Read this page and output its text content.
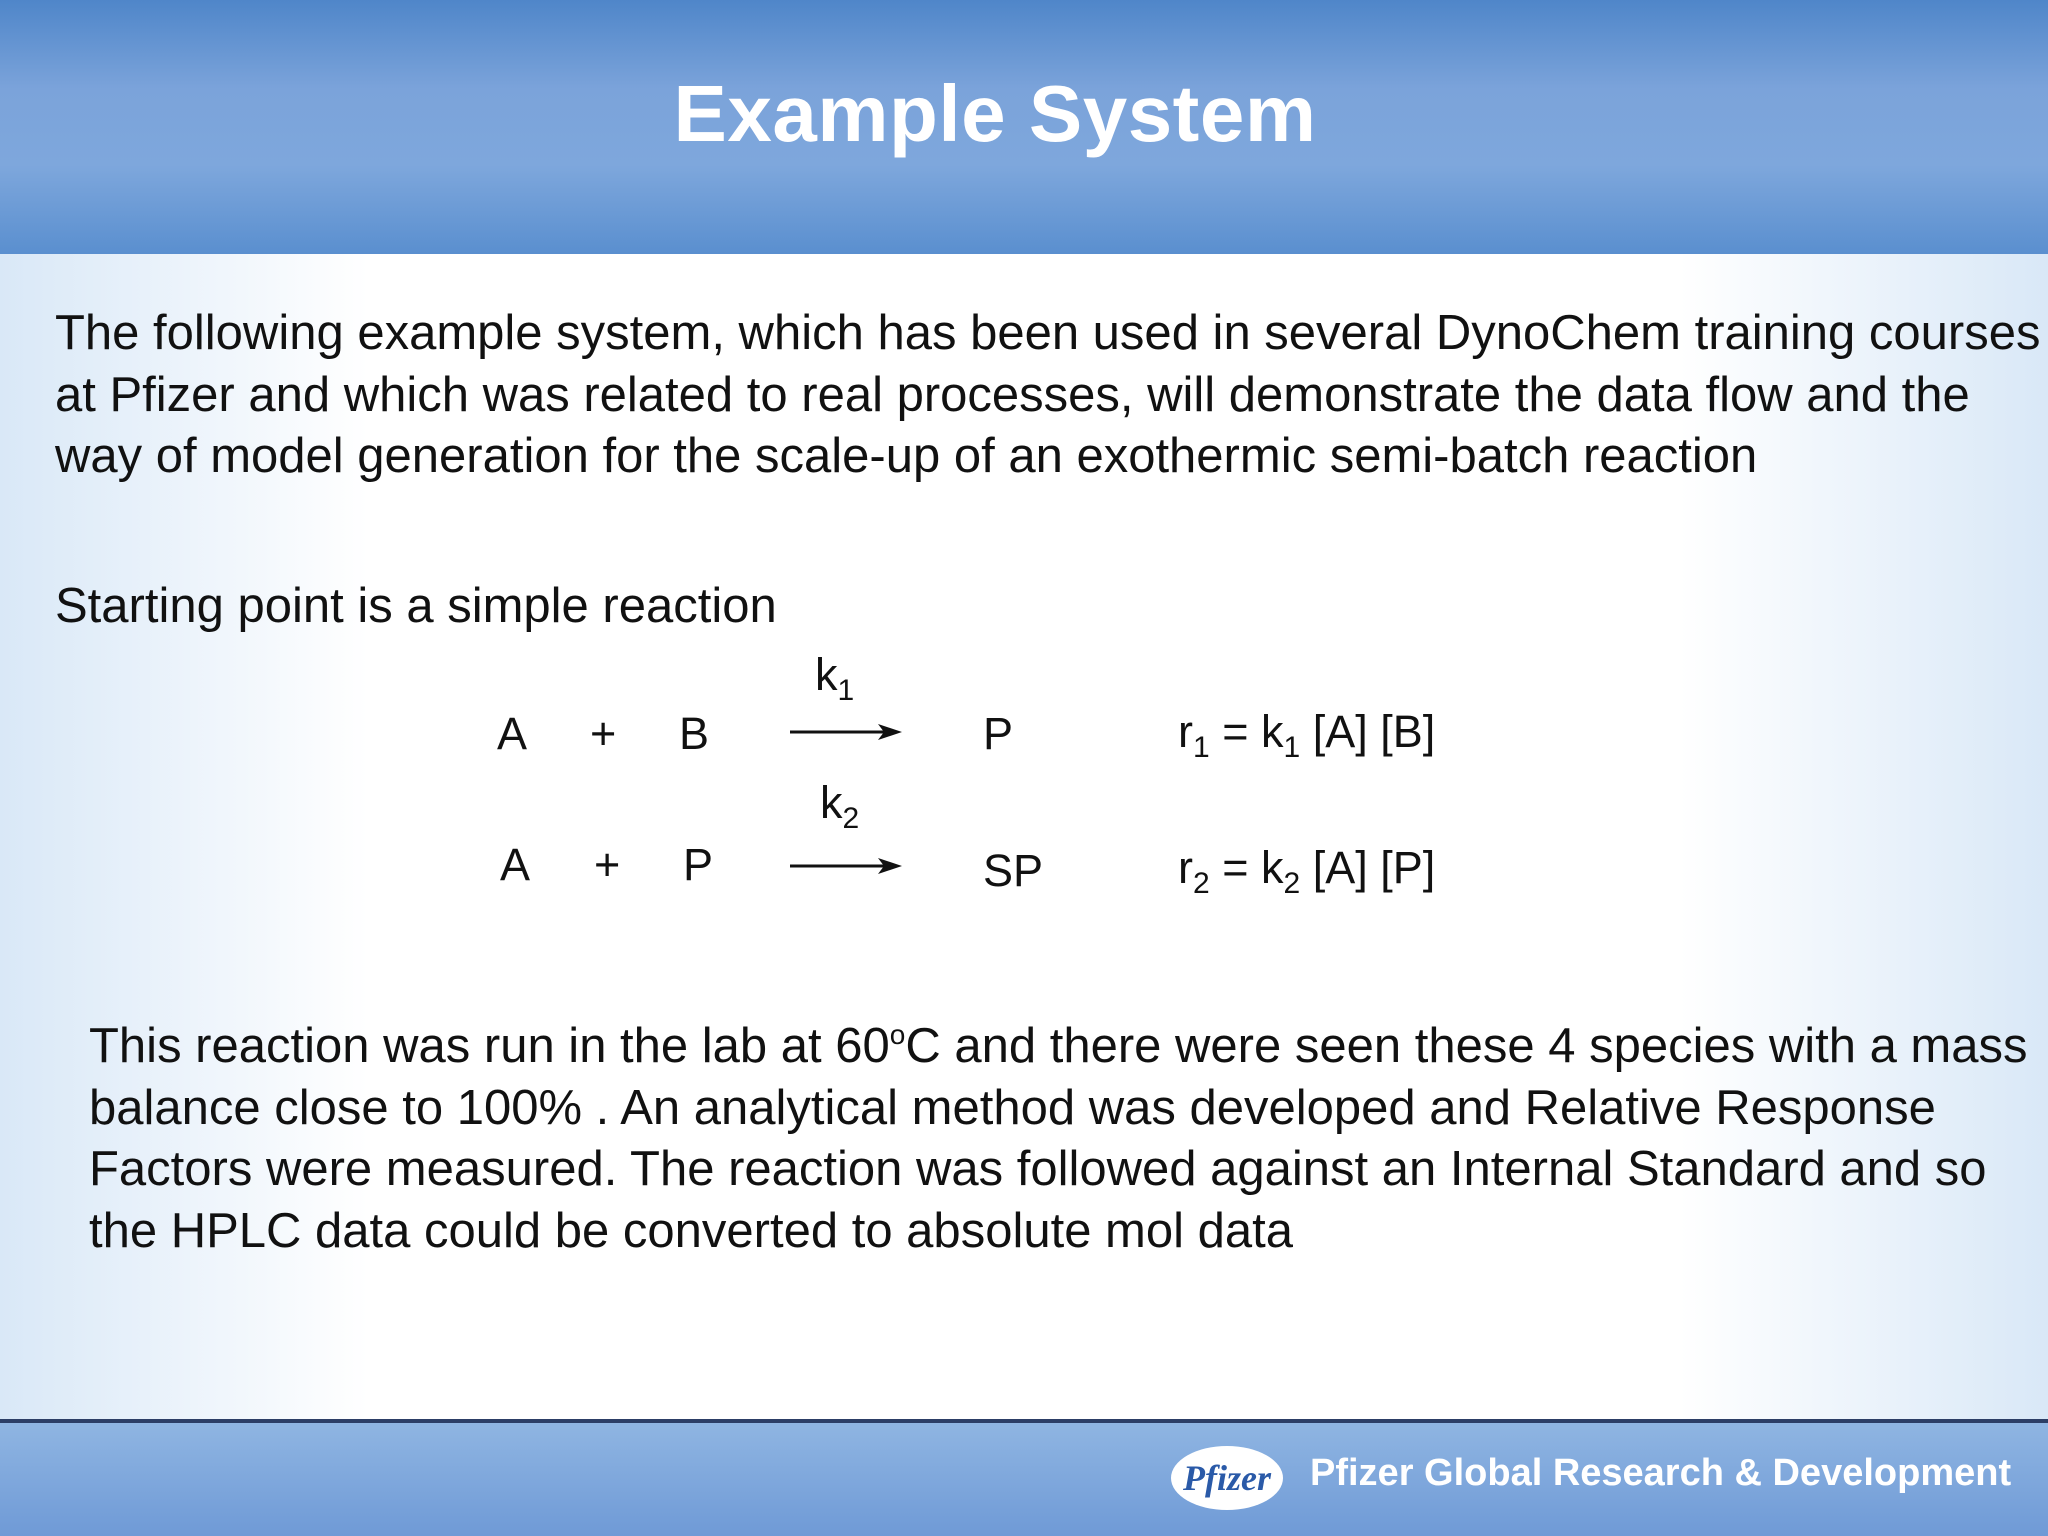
Example System

The following example system, which has been used in several DynoChem training courses at Pfizer and which was related to real processes, will demonstrate the data flow and the way of model generation for the scale-up of an exothermic semi-batch reaction

Starting point is a simple reaction

$k_1$
A + B	P	$r_1 = k_1$ [A] [B]
$k_2$
A + P	SP	$r_2 = k_2$ [A] [P]

This reaction was run in the lab at 60$^o$C and there were seen these 4 species with a mass balance close to 100% . An analytical method was developed and Relative Response Factors were measured. The reaction was followed against an Internal Standard and so the HPLC data could be converted to absolute mol data

Pfizer Pfizer Global Research & Development
